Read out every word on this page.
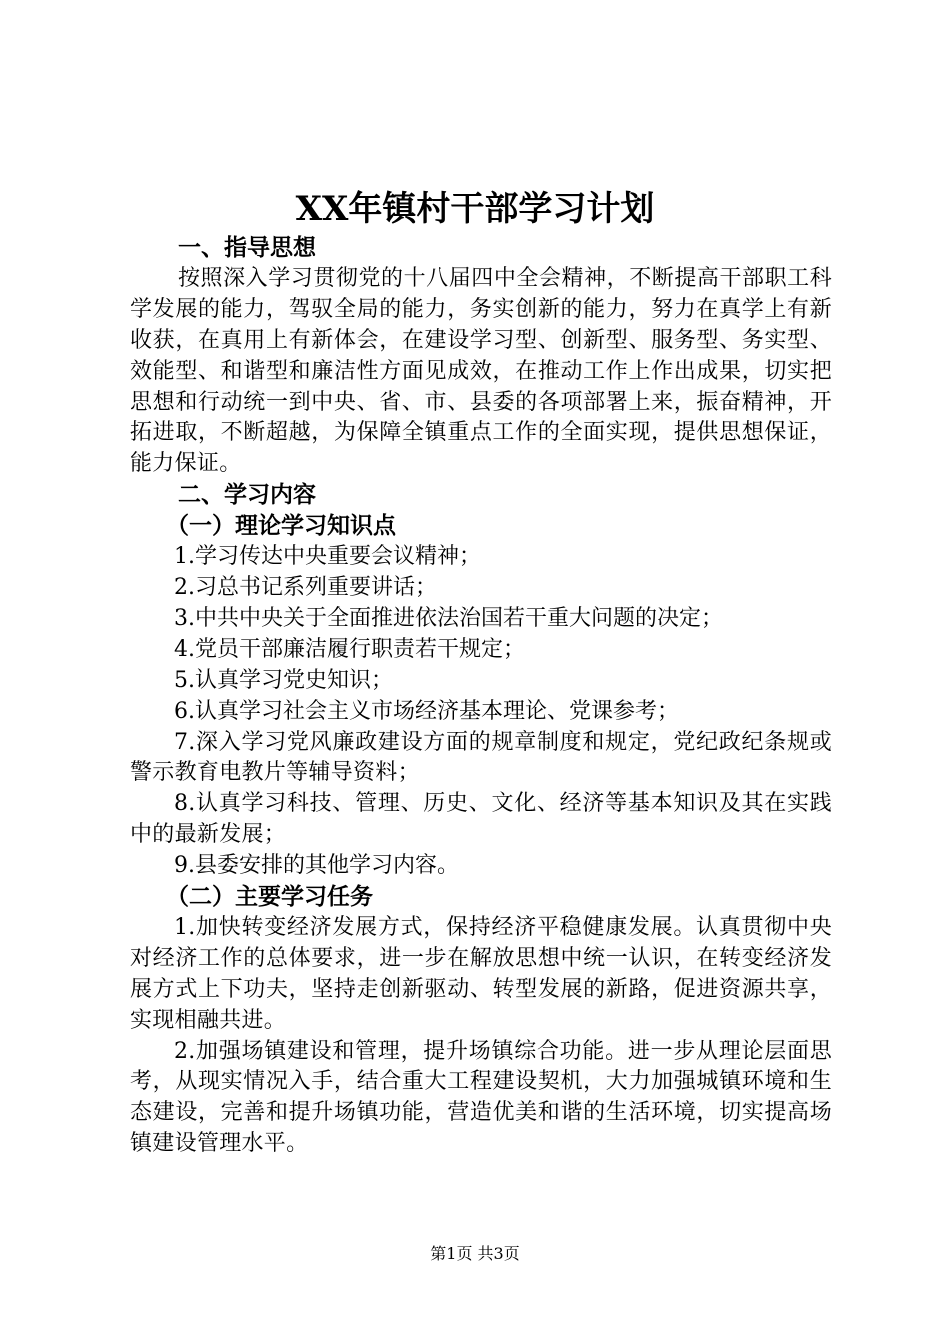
XX年镇村干部学习计划

一、指导思想

按照深入学习贯彻党的十八届四中全会精神，不断提高干部职工科学发展的能力，驾驭全局的能力，务实创新的能力，努力在真学上有新收获，在真用上有新体会，在建设学习型、创新型、服务型、务实型、效能型、和谐型和廉洁性方面见成效，在推动工作上作出成果，切实把思想和行动统一到中央、省、市、县委的各项部署上来，振奋精神，开拓进取，不断超越，为保障全镇重点工作的全面实现，提供思想保证，能力保证。

二、学习内容

（一）理论学习知识点

1.学习传达中央重要会议精神；

2.习总书记系列重要讲话；

3.中共中央关于全面推进依法治国若干重大问题的决定；

4.党员干部廉洁履行职责若干规定；

5.认真学习党史知识；

6.认真学习社会主义市场经济基本理论、党课参考；

7.深入学习党风廉政建设方面的规章制度和规定，党纪政纪条规或警示教育电教片等辅导资料；

8.认真学习科技、管理、历史、文化、经济等基本知识及其在实践中的最新发展；

9.县委安排的其他学习内容。

（二）主要学习任务

1.加快转变经济发展方式，保持经济平稳健康发展。认真贯彻中央对经济工作的总体要求，进一步在解放思想中统一认识，在转变经济发展方式上下功夫，坚持走创新驱动、转型发展的新路，促进资源共享，实现相融共进。

2.加强场镇建设和管理，提升场镇综合功能。进一步从理论层面思考，从现实情况入手，结合重大工程建设契机，大力加强城镇环境和生态建设，完善和提升场镇功能，营造优美和谐的生活环境，切实提高场镇建设管理水平。

第1页 共3页
